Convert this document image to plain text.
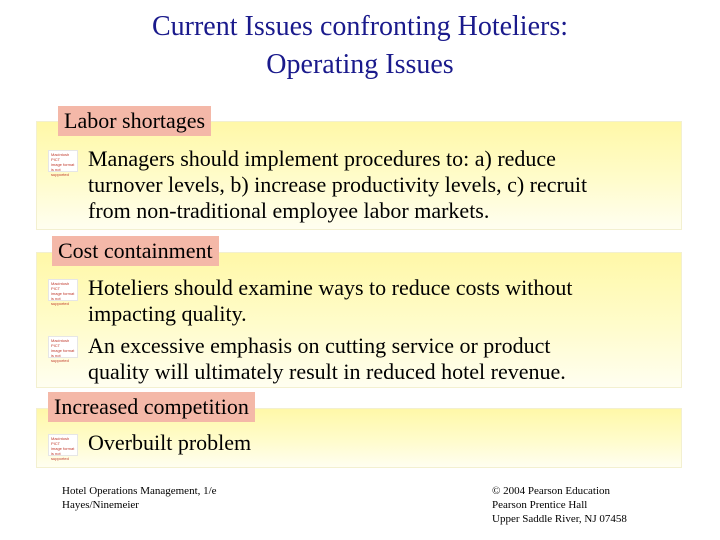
Current Issues confronting Hoteliers:
Operating Issues
Labor shortages
Macintosh PICT
image format
is not supported
Managers should implement procedures to: a) reduce
turnover levels, b) increase productivity levels, c) recruit
from non-traditional employee labor markets.
Cost containment
Macintosh PICT
image format
is not supported
Hoteliers should examine ways to reduce costs without
impacting quality.
Macintosh PICT
image format
is not supported
An excessive emphasis on cutting service or product
quality will ultimately result in reduced hotel revenue.
Increased competition
Macintosh PICT
image format
is not supported
Overbuilt problem
Hotel Operations Management, 1/e
Hayes/Ninemeier
© 2004 Pearson Education
Pearson Prentice Hall
Upper Saddle River, NJ 07458
